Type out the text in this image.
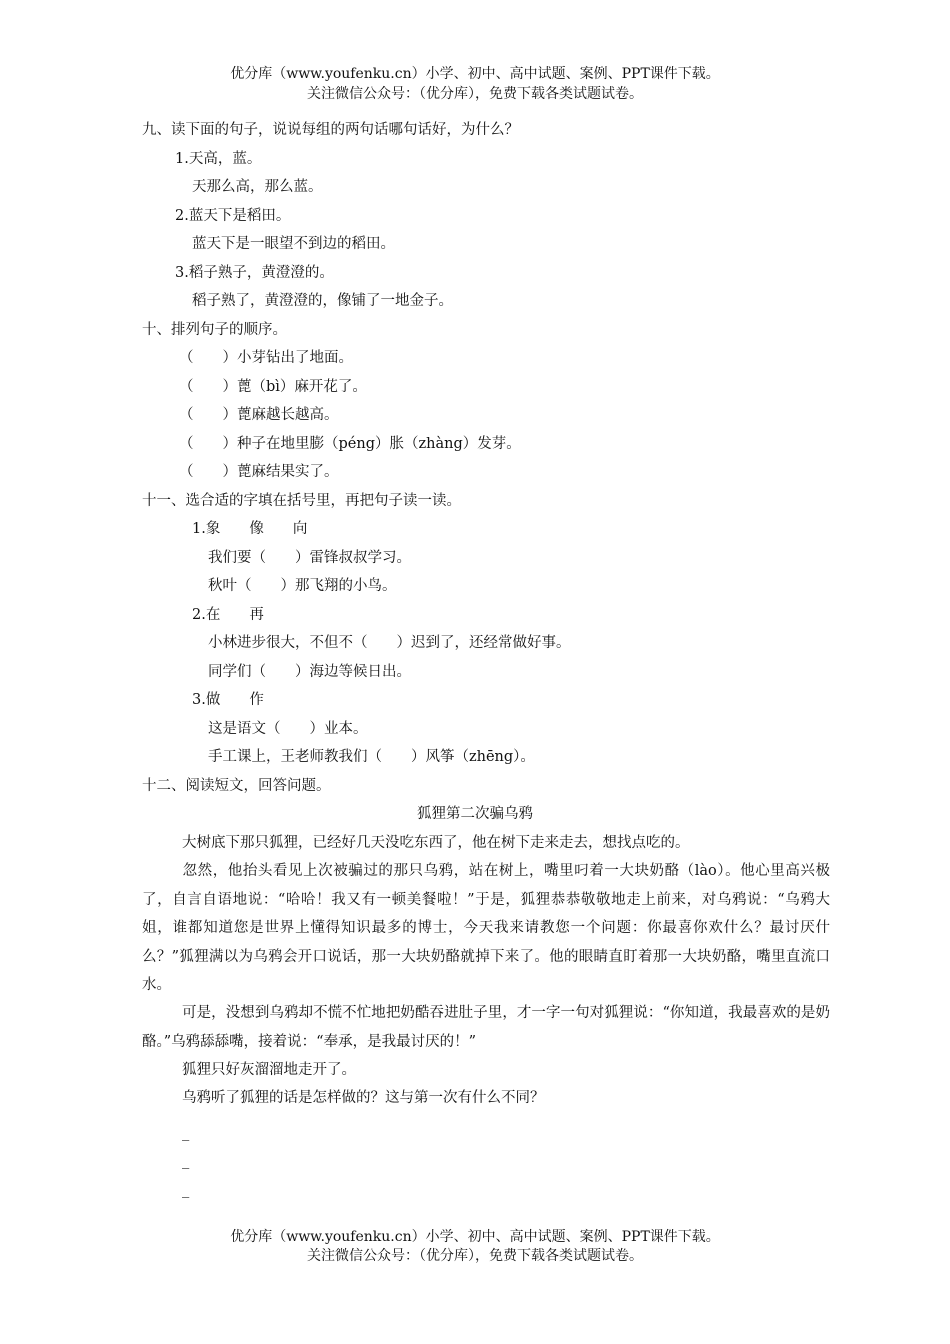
优分库（www.youfenku.cn）小学、初中、高中试题、案例、PPT课件下载。
关注微信公众号：（优分库），免费下载各类试题试卷。
九、读下面的句子，说说每组的两句话哪句话好，为什么？
1.天高，蓝。
天那么高，那么蓝。
2.蓝天下是稻田。
蓝天下是一眼望不到边的稻田。
3.稻子熟子，黄澄澄的。
稻子熟了，黄澄澄的，像铺了一地金子。
十、排列句子的顺序。
（　　）小芽钻出了地面。
（　　）蓖（bì）麻开花了。
（　　）蓖麻越长越高。
（　　）种子在地里膨（péng）胀（zhàng）发芽。
（　　）蓖麻结果实了。
十一、选合适的字填在括号里，再把句子读一读。
1.象　　像　　向
我们要（　　）雷锋叔叔学习。
秋叶（　　）那飞翔的小鸟。
2.在　　再
小林进步很大，不但不（　　）迟到了，还经常做好事。
同学们（　　）海边等候日出。
3.做　　作
这是语文（　　）业本。
手工课上，王老师教我们（　　）风筝（zhēng）。
十二、阅读短文，回答问题。
狐狸第二次骗乌鸦
大树底下那只狐狸，已经好几天没吃东西了，他在树下走来走去，想找点吃的。
忽然，他抬头看见上次被骗过的那只乌鸦，站在树上，嘴里叼着一大块奶酪（lào）。他心里高兴极了，自言自语地说：“哈哈！我又有一顿美餐啦！”于是，狐狸恭恭敬敬地走上前来，对乌鸦说：“乌鸦大姐，谁都知道您是世界上懂得知识最多的博士，今天我来请教您一个问题：你最喜你欢什么？最讨厌什么？”狐狸满以为乌鸦会开口说话，那一大块奶酪就掉下来了。他的眼睛直盯着那一大块奶酪，嘴里直流口水。
可是，没想到乌鸦却不慌不忙地把奶酷吞进肚子里，才一字一句对狐狸说：“你知道，我最喜欢的是奶酪。”乌鸦舔舔嘴，接着说：“奉承，是我最讨厌的！”
狐狸只好灰溜溜地走开了。
乌鸦听了狐狸的话是怎样做的？这与第一次有什么不同？
_
_
_
优分库（www.youfenku.cn）小学、初中、高中试题、案例、PPT课件下载。
关注微信公众号：（优分库），免费下载各类试题试卷。
